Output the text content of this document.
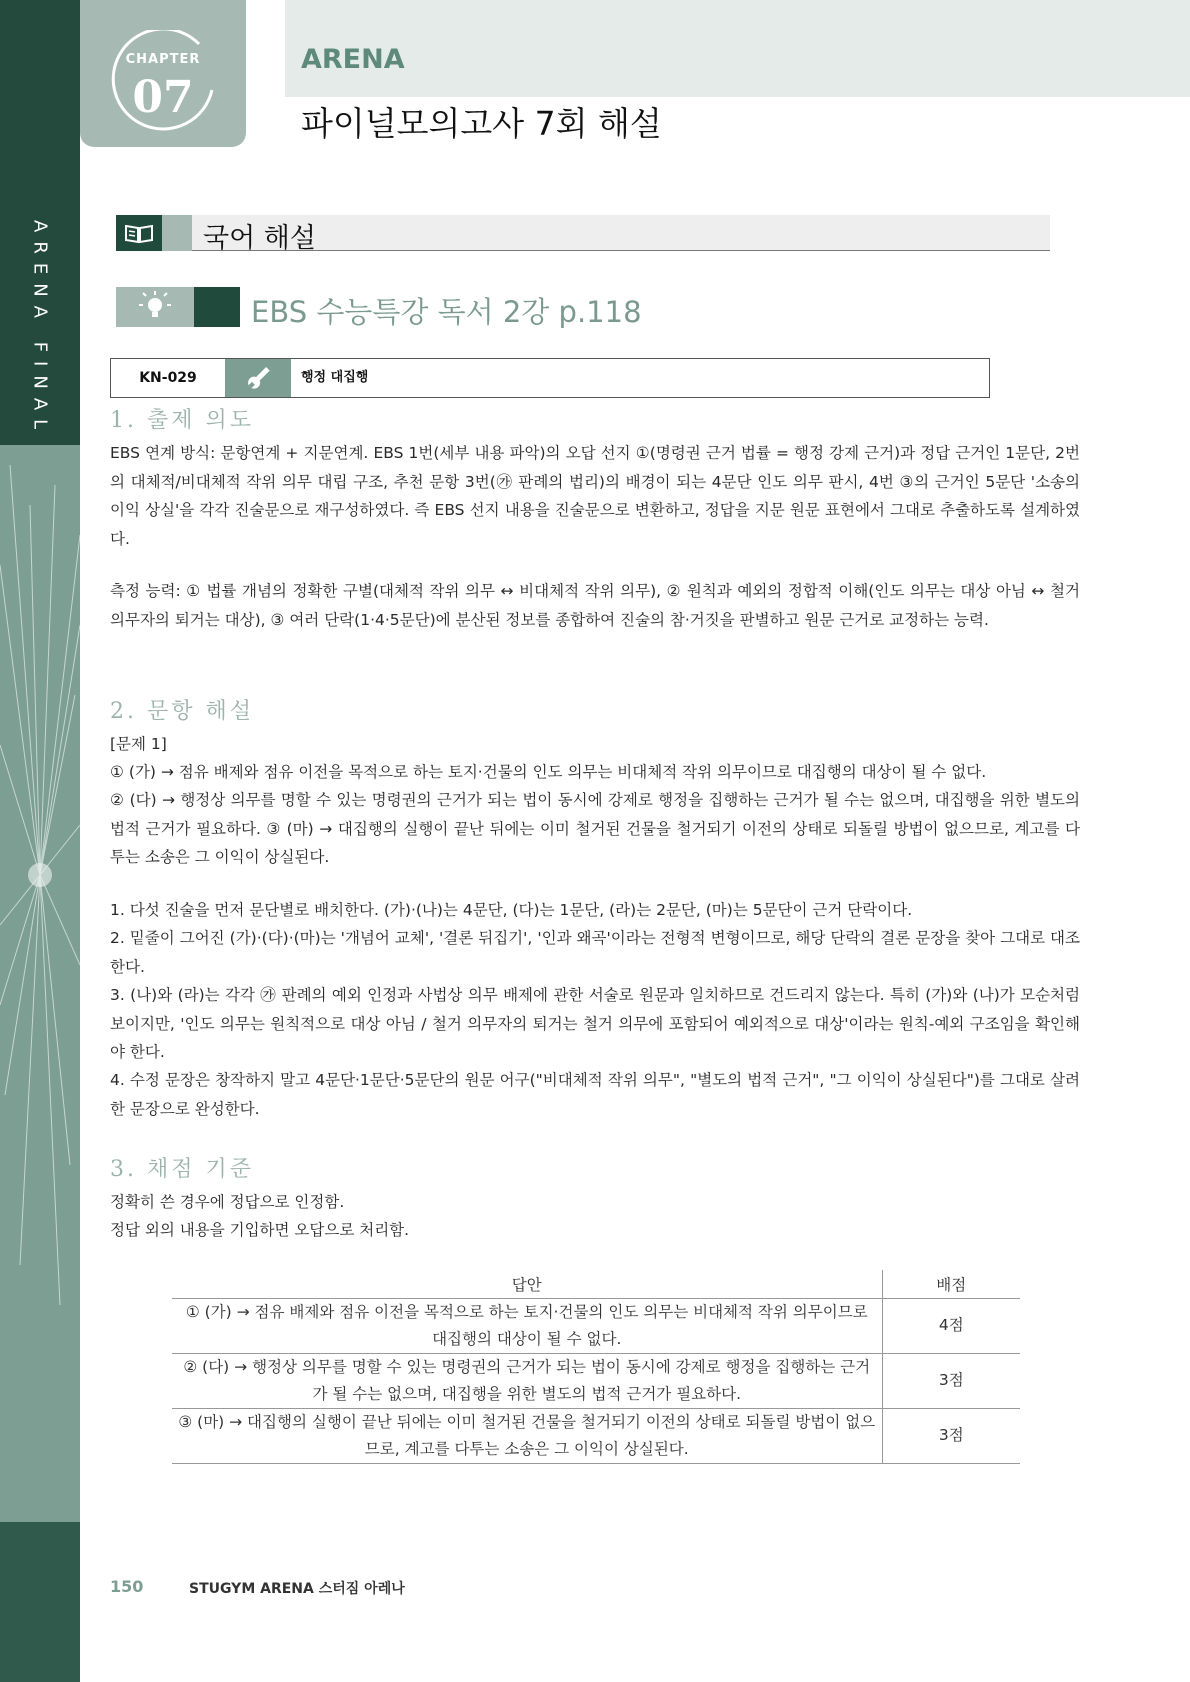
ARENA FINAL
CHAPTER
07
ARENA
파이널모의고사 7회 해설
국어 해설
EBS 수능특강 독서 2강 p.118
KN-029	행정 대집행
1. 출제 의도
EBS 연계 방식: 문항연계 + 지문연계. EBS 1번(세부 내용 파악)의 오답 선지 ①(명령권 근거 법률 = 행정 강제 근거)과 정답 근거인 1문단, 2번의 대체적/비대체적 작위 의무 대립 구조, 추천 문항 3번(㉮ 판례의 법리)의 배경이 되는 4문단 인도 의무 판시, 4번 ③의 근거인 5문단 '소송의 이익 상실'을 각각 진술문으로 재구성하였다. 즉 EBS 선지 내용을 진술문으로 변환하고, 정답을 지문 원문 표현에서 그대로 추출하도록 설계하였다.
측정 능력: ① 법률 개념의 정확한 구별(대체적 작위 의무 ↔ 비대체적 작위 의무), ② 원칙과 예외의 정합적 이해(인도 의무는 대상 아님 ↔ 철거 의무자의 퇴거는 대상), ③ 여러 단락(1·4·5문단)에 분산된 정보를 종합하여 진술의 참·거짓을 판별하고 원문 근거로 교정하는 능력.
2. 문항 해설
[문제 1]
① (가) → 점유 배제와 점유 이전을 목적으로 하는 토지·건물의 인도 의무는 비대체적 작위 의무이므로 대집행의 대상이 될 수 없다.
② (다) → 행정상 의무를 명할 수 있는 명령권의 근거가 되는 법이 동시에 강제로 행정을 집행하는 근거가 될 수는 없으며, 대집행을 위한 별도의 법적 근거가 필요하다. ③ (마) → 대집행의 실행이 끝난 뒤에는 이미 철거된 건물을 철거되기 이전의 상태로 되돌릴 방법이 없으므로, 계고를 다투는 소송은 그 이익이 상실된다.
1. 다섯 진술을 먼저 문단별로 배치한다. (가)·(나)는 4문단, (다)는 1문단, (라)는 2문단, (마)는 5문단이 근거 단락이다.
2. 밑줄이 그어진 (가)·(다)·(마)는 '개념어 교체', '결론 뒤집기', '인과 왜곡'이라는 전형적 변형이므로, 해당 단락의 결론 문장을 찾아 그대로 대조한다.
3. (나)와 (라)는 각각 ㉮ 판례의 예외 인정과 사법상 의무 배제에 관한 서술로 원문과 일치하므로 건드리지 않는다. 특히 (가)와 (나)가 모순처럼 보이지만, '인도 의무는 원칙적으로 대상 아님 / 철거 의무자의 퇴거는 철거 의무에 포함되어 예외적으로 대상'이라는 원칙-예외 구조임을 확인해야 한다.
4. 수정 문장은 창작하지 말고 4문단·1문단·5문단의 원문 어구("비대체적 작위 의무", "별도의 법적 근거", "그 이익이 상실된다")를 그대로 살려 한 문장으로 완성한다.
3. 채점 기준
정확히 쓴 경우에 정답으로 인정함.
정답 외의 내용을 기입하면 오답으로 처리함.
답안	배점
① (가) → 점유 배제와 점유 이전을 목적으로 하는 토지·건물의 인도 의무는 비대체적 작위 의무이므로 대집행의 대상이 될 수 없다.	4점
② (다) → 행정상 의무를 명할 수 있는 명령권의 근거가 되는 법이 동시에 강제로 행정을 집행하는 근거가 될 수는 없으며, 대집행을 위한 별도의 법적 근거가 필요하다.	3점
③ (마) → 대집행의 실행이 끝난 뒤에는 이미 철거된 건물을 철거되기 이전의 상태로 되돌릴 방법이 없으므로, 계고를 다투는 소송은 그 이익이 상실된다.	3점
150	STUGYM ARENA 스터짐 아레나
